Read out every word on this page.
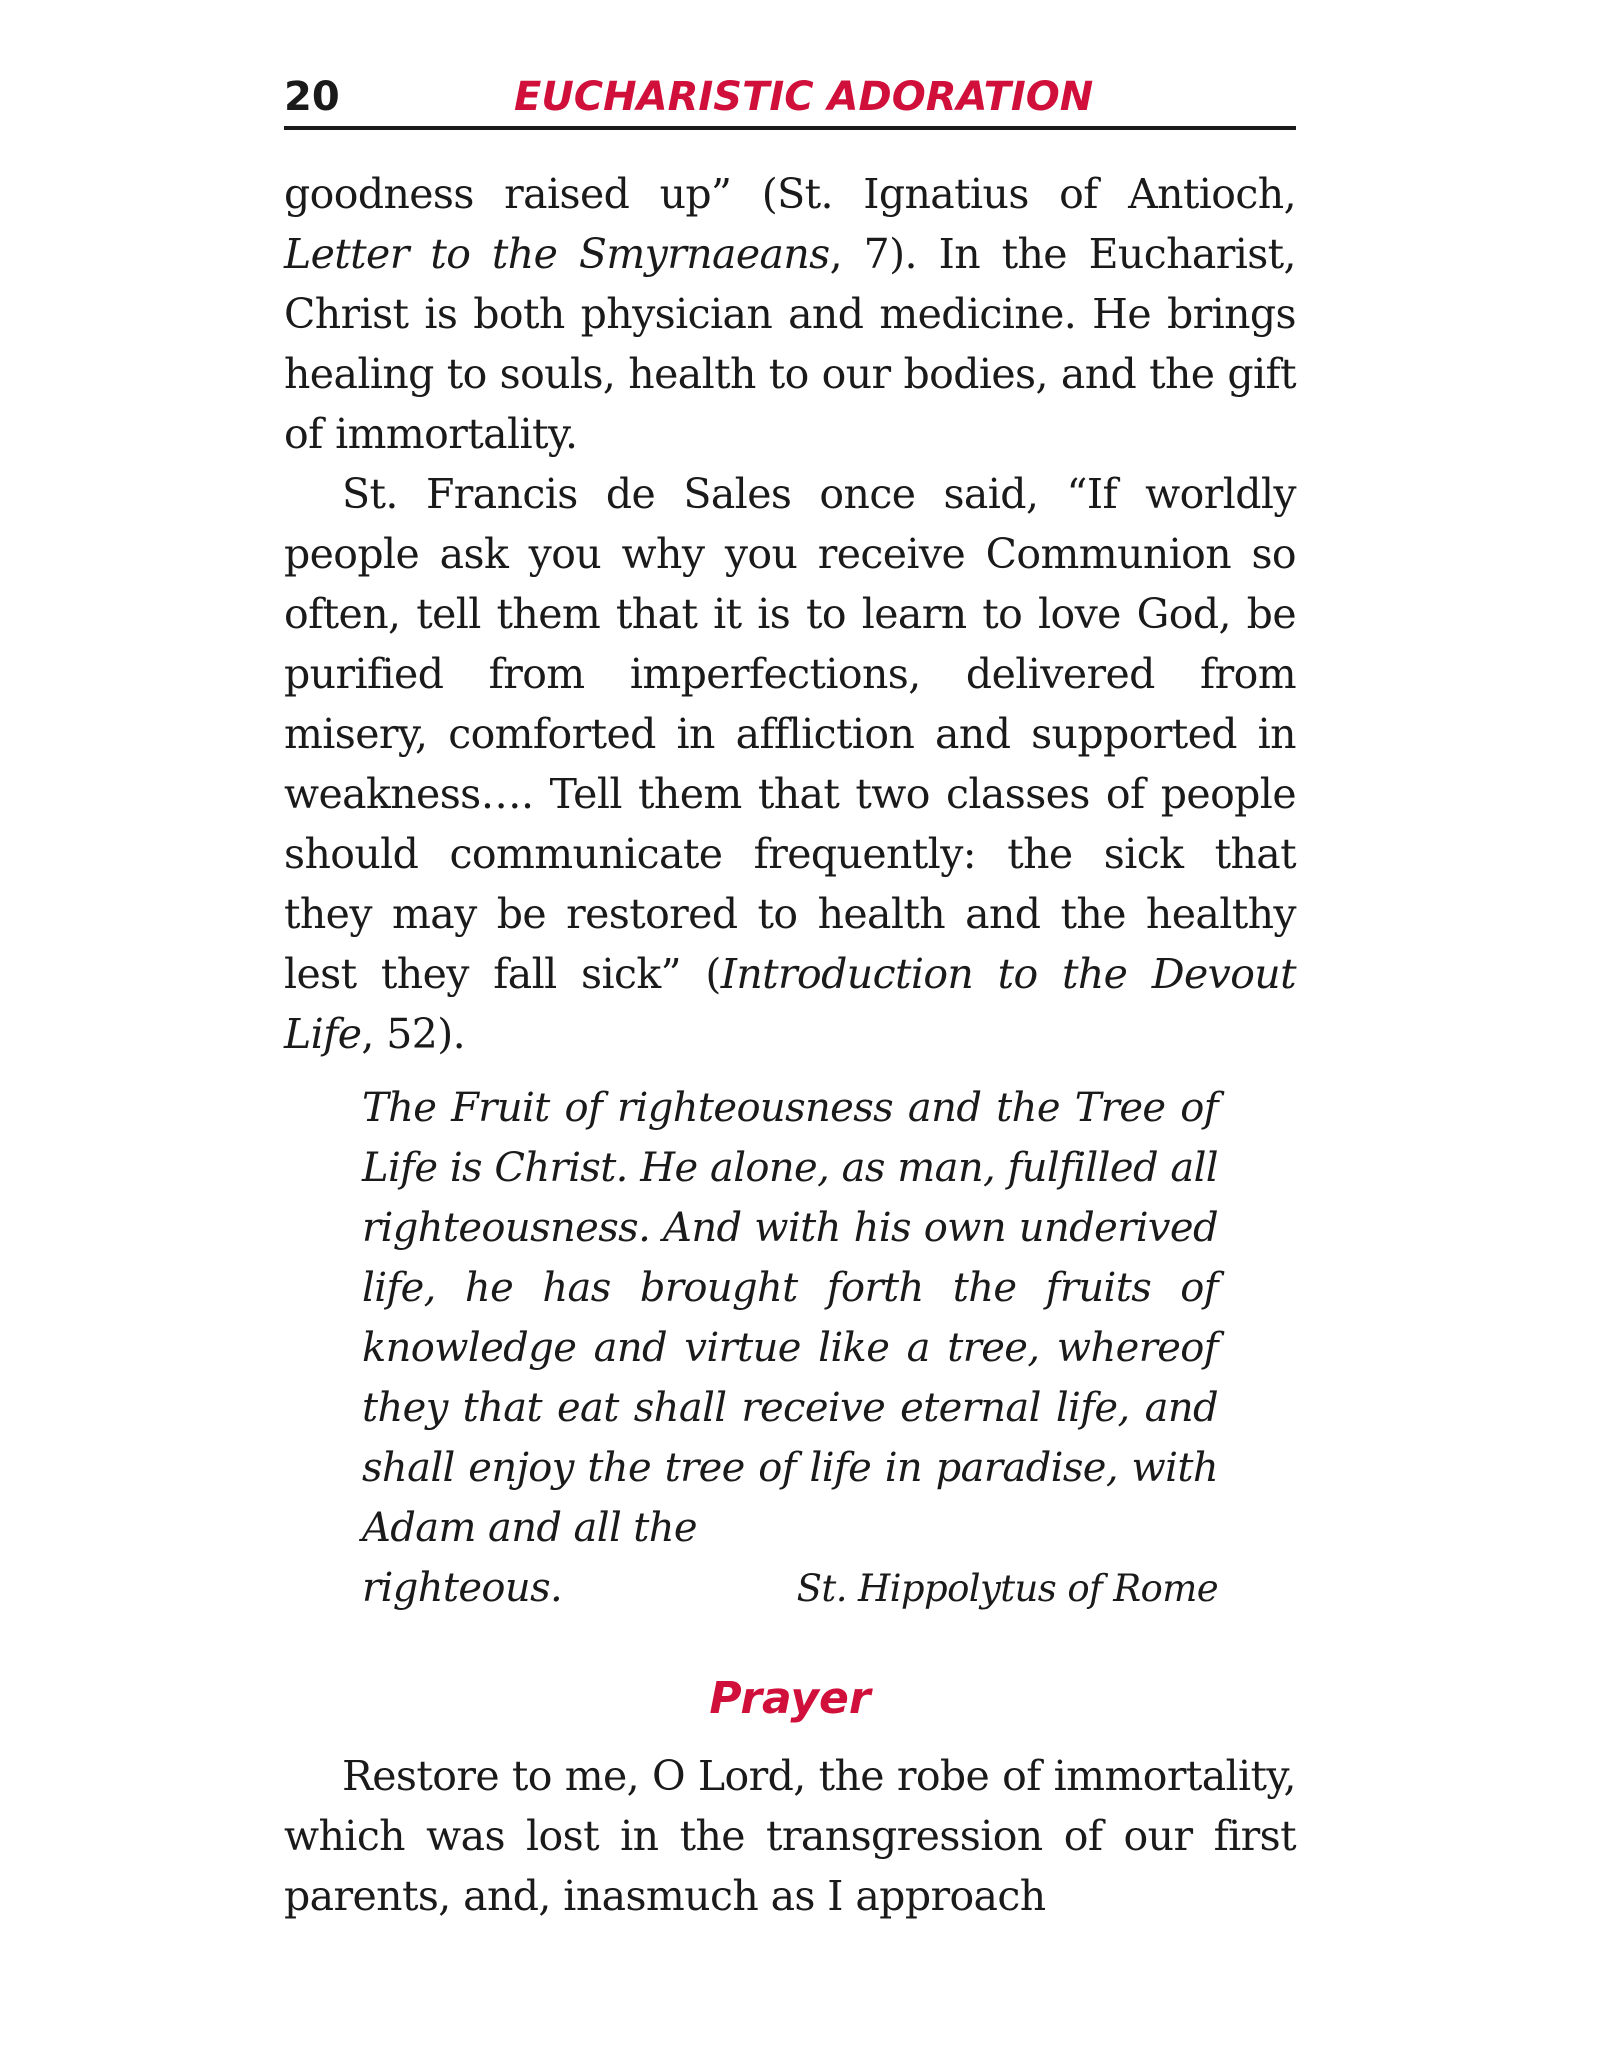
20	EUCHARISTIC ADORATION

goodness raised up” (St. Ignatius of Antioch, Letter to the Smyrnaeans, 7). In the Eucharist, Christ is both physician and medicine. He brings healing to souls, health to our bodies, and the gift of immortality.

St. Francis de Sales once said, “If worldly people ask you why you receive Communion so often, tell them that it is to learn to love God, be purified from imperfections, delivered from misery, comforted in affliction and supported in weakness…. Tell them that two classes of people should communicate frequently: the sick that they may be restored to health and the healthy lest they fall sick” (Introduction to the Devout Life, 52).

The Fruit of righteousness and the Tree of Life is Christ. He alone, as man, fulfilled all righteousness. And with his own underived life, he has brought forth the fruits of knowledge and virtue like a tree, whereof they that eat shall receive eternal life, and shall enjoy the tree of life in paradise, with Adam and all the
righteous.	St. Hippolytus of Rome
Prayer

Restore to me, O Lord, the robe of immortality, which was lost in the transgression of our first parents, and, inasmuch as I approach
